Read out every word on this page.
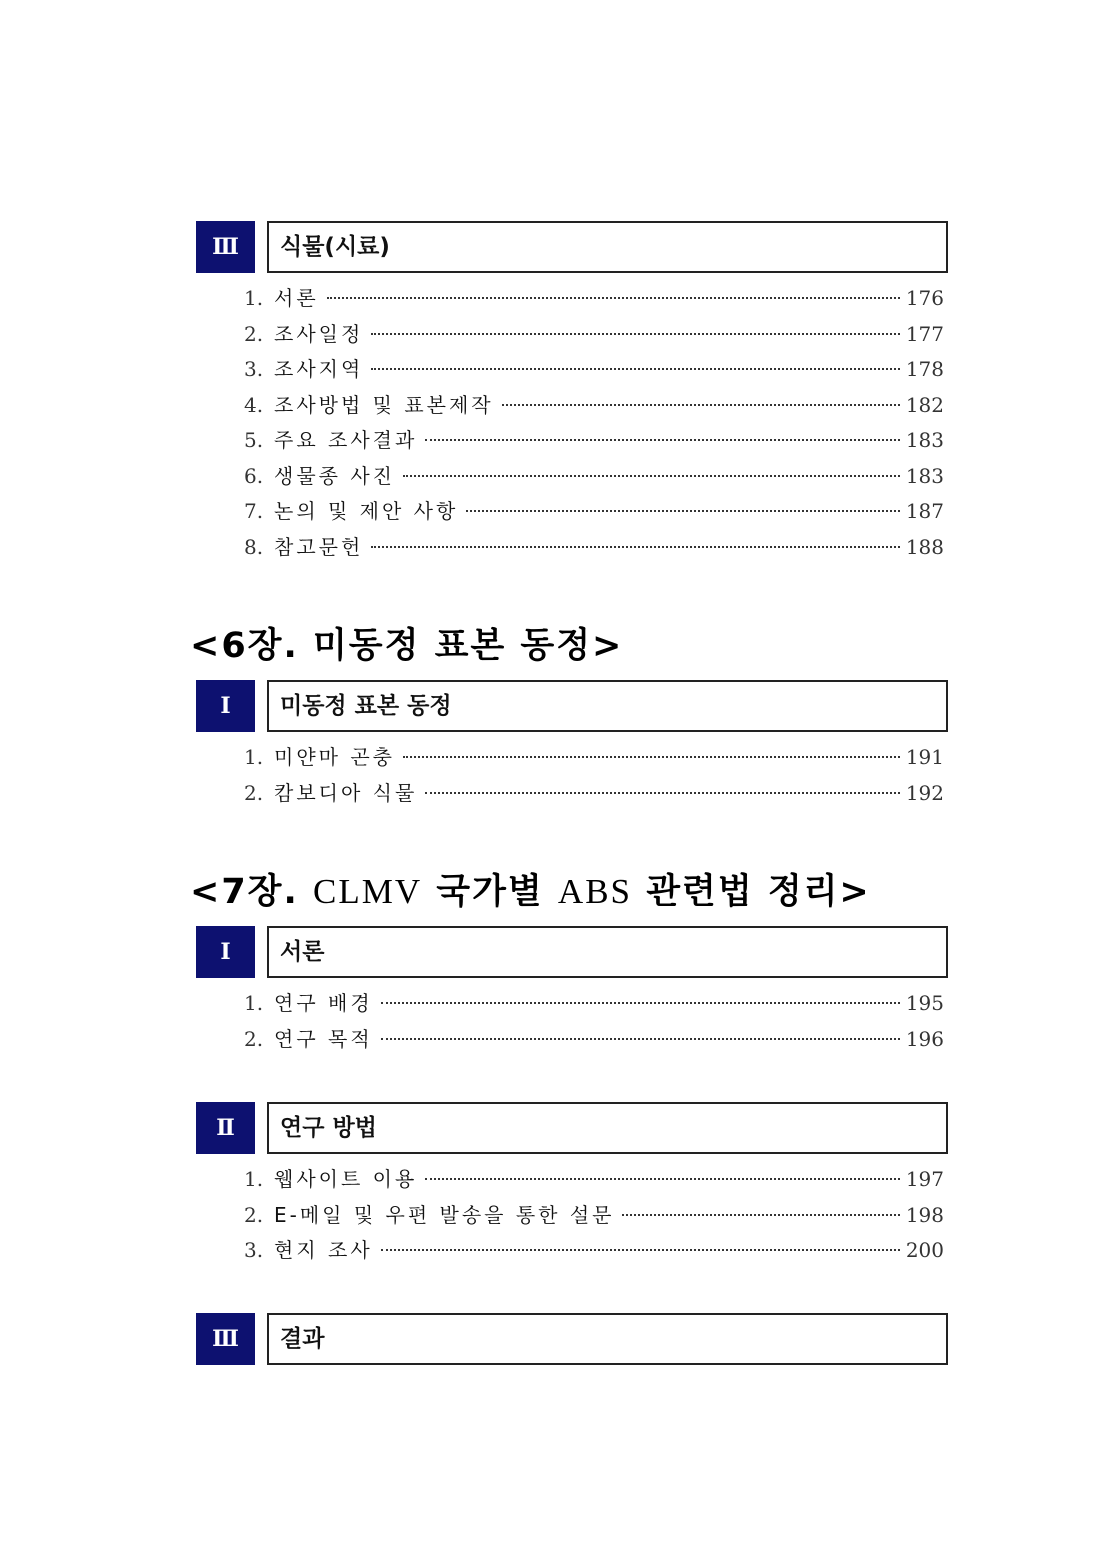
Ⅲ	식물(시료)
1. 서론	176
2. 조사일정	177
3. 조사지역	178
4. 조사방법 및 표본제작	182
5. 주요 조사결과	183
6. 생물종 사진	183
7. 논의 및 제안 사항	187
8. 참고문헌	188
<6장. 미동정 표본 동정>
Ⅰ	미동정 표본 동정
1. 미얀마 곤충	191
2. 캄보디아 식물	192
<7장. CLMV 국가별 ABS 관련법 정리>
Ⅰ	서론
1. 연구 배경	195
2. 연구 목적	196
Ⅱ	연구 방법
1. 웹사이트 이용	197
2. E-메일 및 우편 발송을 통한 설문	198
3. 현지 조사	200
Ⅲ	결과
